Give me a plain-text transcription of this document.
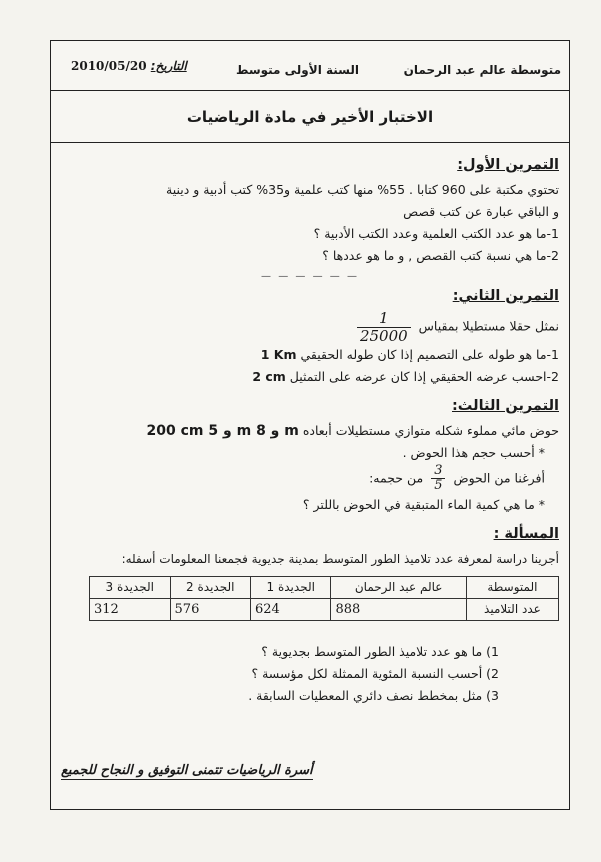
متوسطة عالم عبد الرحمان
السنة الأولى متوسط
التاريخ: 2010/05/20
الاختبار الأخير في مادة الرياضيات
التمرين الأول:
تحتوي مكتبة على 960 كتابا . 55% منها كتب علمية و35% كتب أدبية و دينية
و الباقي عبارة عن كتب قصص
1-ما هو عدد الكتب العلمية وعدد الكتب الأدبية ؟
2-ما هي نسبة كتب القصص , و ما هو عددها ؟
— — — — — —
التمرين الثاني:
نمثل حقلا مستطيلا بمقياس
$\frac{1}{25000}$
1-ما هو طوله على التصميم إذا كان طوله الحقيقي 1 Km
2-احسب عرضه الحقيقي إذا كان عرضه على التمثيل 2 cm
التمرين الثالث:
حوض مائي مملوء شكله متوازي مستطيلات أبعاده 200 cm و 5 m و 8 m
* أحسب حجم هذا الحوض .
أفرغنا من الحوض
$\frac{3}{5}$
من حجمه:
* ما هي كمية الماء المتبقية في الحوض باللتر ؟
المسألة :
أجرينا دراسة لمعرفة عدد تلاميذ الطور المتوسط بمدينة جديوية فجمعنا المعلومات أسفله:
المتوسطة	عالم عبد الرحمان	الجديدة 1	الجديدة 2	الجديدة 3
عدد التلاميذ	888	624	576	312
1) ما هو عدد تلاميذ الطور المتوسط بجديوية ؟
2) أحسب النسبة المئوية الممثلة لكل مؤسسة ؟
3) مثل بمخطط نصف دائري المعطيات السابقة .
أسرة الرياضيات تتمنى التوفيق و النجاح للجميع
